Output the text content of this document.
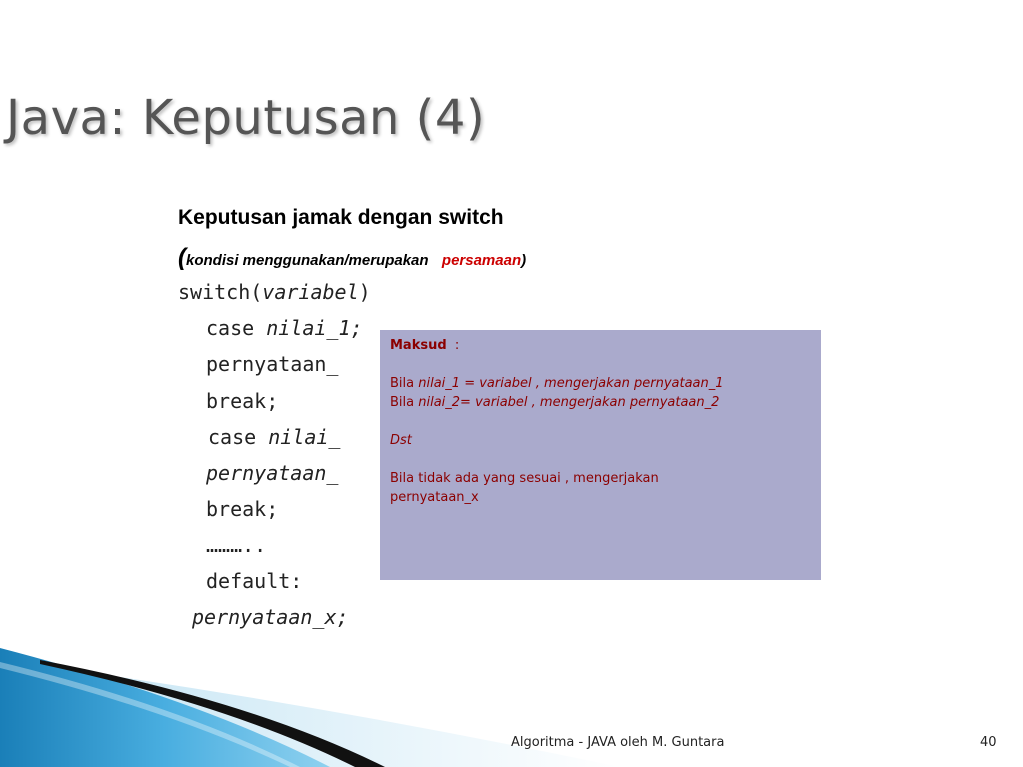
Java: Keputusan (4)
Keputusan jamak dengan switch
(kondisi menggunakan/merupakan persamaan)
switch(variabel)
case nilai_1;
pernyataan_
break;
case nilai_
pernyataan_
break;
………..
default:
pernyataan_x;
Maksud :
Bila nilai_1 = variabel , mengerjakan pernyataan_1
Bila nilai_2= variabel , mengerjakan pernyataan_2
Dst
Bila tidak ada yang sesuai , mengerjakan pernyataan_x
Algoritma - JAVA oleh M. Guntara	40
